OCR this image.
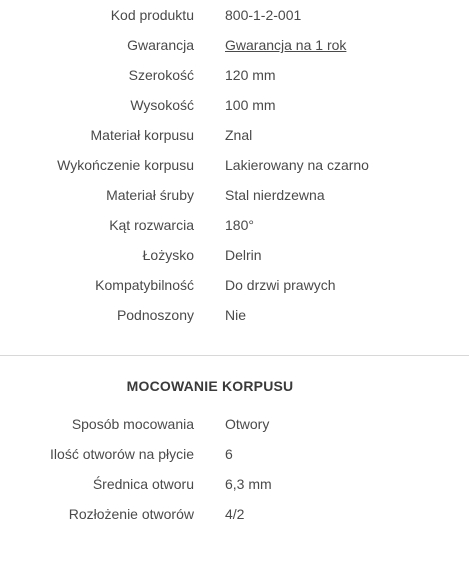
Kod produktu 800-1-2-001
Gwarancja Gwarancja na 1 rok
Szerokość 120 mm
Wysokość 100 mm
Materiał korpusu Znal
Wykończenie korpusu Lakierowany na czarno
Materiał śruby Stal nierdzewna
Kąt rozwarcia 180°
Łożysko Delrin
Kompatybilność Do drzwi prawych
Podnoszony Nie
MOCOWANIE KORPUSU
Sposób mocowania Otwory
Ilość otworów na płycie 6
Średnica otworu 6,3 mm
Rozłożenie otworów 4/2
